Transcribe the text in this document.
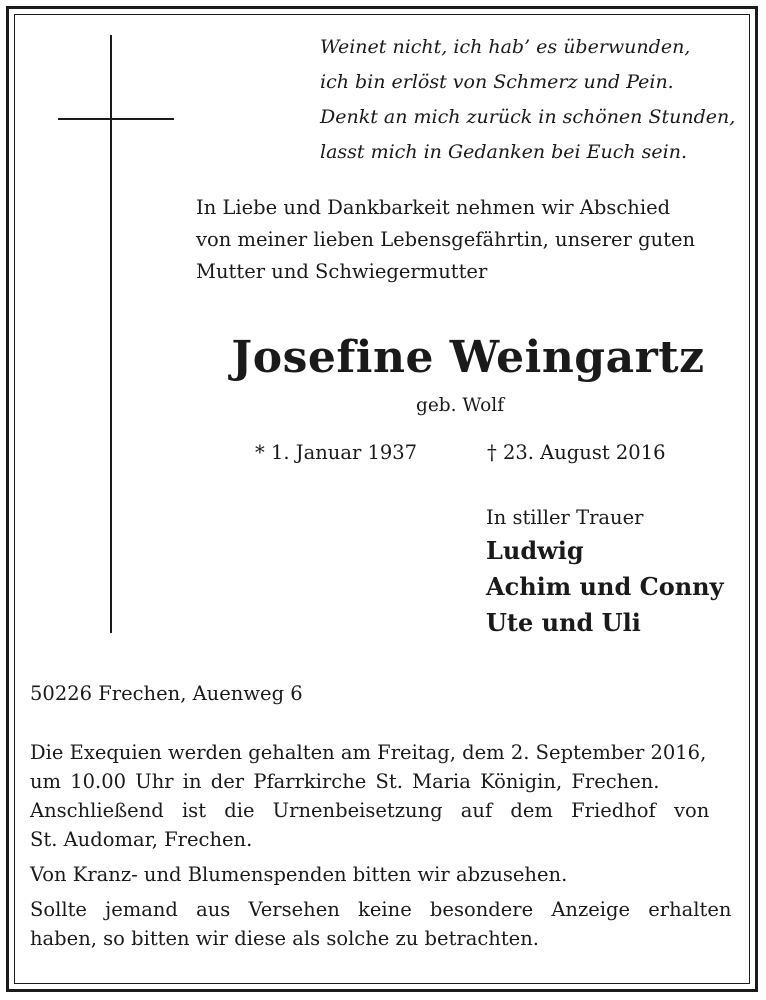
Weinet nicht, ich hab’ es überwunden,
ich bin erlöst von Schmerz und Pein.
Denkt an mich zurück in schönen Stunden,
lasst mich in Gedanken bei Euch sein.
In Liebe und Dankbarkeit nehmen wir Abschied
von meiner lieben Lebensgefährtin, unserer guten
Mutter und Schwiegermutter
Josefine Weingartz
geb. Wolf
* 1. Januar 1937	† 23. August 2016
In stiller Trauer
Ludwig
Achim und Conny
Ute und Uli
50226 Frechen, Auenweg 6

Die Exequien werden gehalten am Freitag, dem 2. September 2016,
um 10.00 Uhr in der Pfarrkirche St. Maria Königin, Frechen.
Anschließend ist die Urnenbeisetzung auf dem Friedhof von
St. Audomar, Frechen.

Von Kranz- und Blumenspenden bitten wir abzusehen.

Sollte jemand aus Versehen keine besondere Anzeige erhalten
haben, so bitten wir diese als solche zu betrachten.
